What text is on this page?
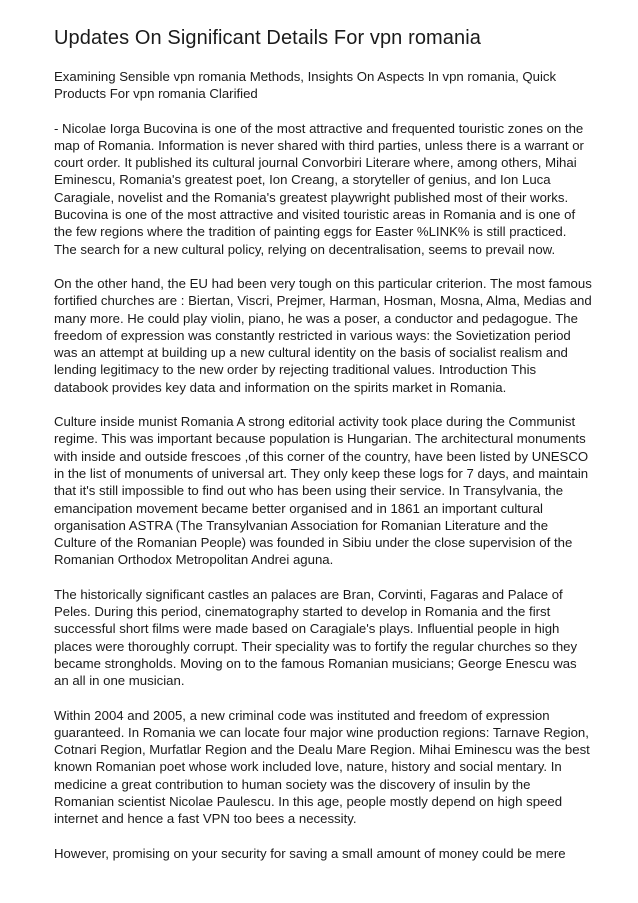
Updates On Significant Details For vpn romania

Examining Sensible vpn romania Methods, Insights On Aspects In vpn romania, Quick Products For vpn romania Clarified

- Nicolae Iorga Bucovina is one of the most attractive and frequented touristic zones on the map of Romania. Information is never shared with third parties, unless there is a warrant or court order. It published its cultural journal Convorbiri Literare where, among others, Mihai Eminescu, Romania's greatest poet, Ion Creang, a storyteller of genius, and Ion Luca Caragiale, novelist and the Romania's greatest playwright published most of their works. Bucovina is one of the most attractive and visited touristic areas in Romania and is one of the few regions where the tradition of painting eggs for Easter %LINK% is still practiced. The search for a new cultural policy, relying on decentralisation, seems to prevail now.

On the other hand, the EU had been very tough on this particular criterion. The most famous fortified churches are : Biertan, Viscri, Prejmer, Harman, Hosman, Mosna, Alma, Medias and many more. He could play violin, piano, he was a poser, a conductor and pedagogue. The freedom of expression was constantly restricted in various ways: the Sovietization period was an attempt at building up a new cultural identity on the basis of socialist realism and lending legitimacy to the new order by rejecting traditional values. Introduction This databook provides key data and information on the spirits market in Romania.

Culture inside munist Romania A strong editorial activity took place during the Communist regime. This was important because population is Hungarian. The architectural monuments with inside and outside frescoes ,of this corner of the country, have been listed by UNESCO in the list of monuments of universal art. They only keep these logs for 7 days, and maintain that it's still impossible to find out who has been using their service. In Transylvania, the emancipation movement became better organised and in 1861 an important cultural organisation ASTRA (The Transylvanian Association for Romanian Literature and the Culture of the Romanian People) was founded in Sibiu under the close supervision of the Romanian Orthodox Metropolitan Andrei aguna.

The historically significant castles an palaces are Bran, Corvinti, Fagaras and Palace of Peles. During this period, cinematography started to develop in Romania and the first successful short films were made based on Caragiale's plays. Influential people in high places were thoroughly corrupt. Their speciality was to fortify the regular churches so they became strongholds. Moving on to the famous Romanian musicians; George Enescu was an all in one musician.

Within 2004 and 2005, a new criminal code was instituted and freedom of expression guaranteed. In Romania we can locate four major wine production regions: Tarnave Region, Cotnari Region, Murfatlar Region and the Dealu Mare Region. Mihai Eminescu was the best known Romanian poet whose work included love, nature, history and social mentary. In medicine a great contribution to human society was the discovery of insulin by the Romanian scientist Nicolae Paulescu. In this age, people mostly depend on high speed internet and hence a fast VPN too bees a necessity.

However, promising on your security for saving a small amount of money could be mere
